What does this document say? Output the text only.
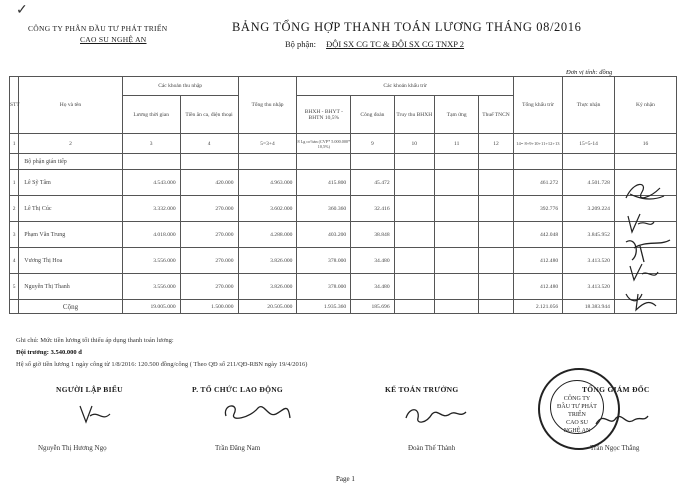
✓
CÔNG TY PHÂN ĐẦU TƯ PHÁT TRIỂN
CAO SU NGHỆ AN
BẢNG TỔNG HỢP THANH TOÁN LƯƠNG THÁNG 08/2016
Bộ phận: ĐỘI SX CG TC & ĐỘI SX CG TNXP 2
Đơn vị tính: đồng
STT	Họ và tên	Các khoản thu nhập		Tổng thu nhập	Các khoản khấu trừ					Tổng khấu trừ	Thực nhận	Ký nhận
		Lương thời gian	Tiền ăn ca, điện thoại		BHXH - BHYT - BHTN 10,5%	Công đoàn	Truy thu BHXH	Tạm ứng	Thuế TNCN			
1	2	3	4	5=3+4	8 Lg cơ bản (CVP* 5.000.000* 10,5%)	9	10	11	12	14= 8+9+10+11+12+13	15=5-14	16
	Bộ phận gián tiếp											
1	Lê Sỹ Tâm	4.543.000	420.000	4.963.000	415.800	45.472				461.272	4.501.728	
2	Lê Thị Cúc	3.332.000	270.000	3.602.000	360.360	32.416				392.776	3.209.224	
3	Phạm Văn Trung	4.018.000	270.000	4.288.000	403.200	38.848				442.048	3.845.952	
4	Vương Thị Hoa	3.556.000	270.000	3.826.000	378.000	34.480				412.480	3.413.520	
5	Nguyễn Thị Thanh	3.556.000	270.000	3.826.000	378.000	34.480				412.480	3.413.520	
	Cộng	19.005.000	1.500.000	20.505.000	1.935.360	185.696				2.121.056	18.383.944	
Ghi chú: Mức tiền lương tối thiểu áp dụng thanh toán lương:
Đội trưởng: 3.540.000 đ
Hệ số giờ tiền lương 1 ngày công từ 1/8/2016: 120.500 đồng/công ( Theo QĐ số 211/QĐ-RBN ngày 19/4/2016)
NGƯỜI LẬP BIỂU	P. TỔ CHỨC LAO ĐỘNG	KẾ TOÁN TRƯỞNG	TỔNG GIÁM ĐỐC
CÔNG TY
ĐẦU TƯ PHÁT TRIỂN
CAO SU
NGHỆ AN
Nguyễn Thị Hương Ngọ	Trần Đăng Nam	Đoàn Thế Thành	Trần Ngọc Thắng
Page 1
